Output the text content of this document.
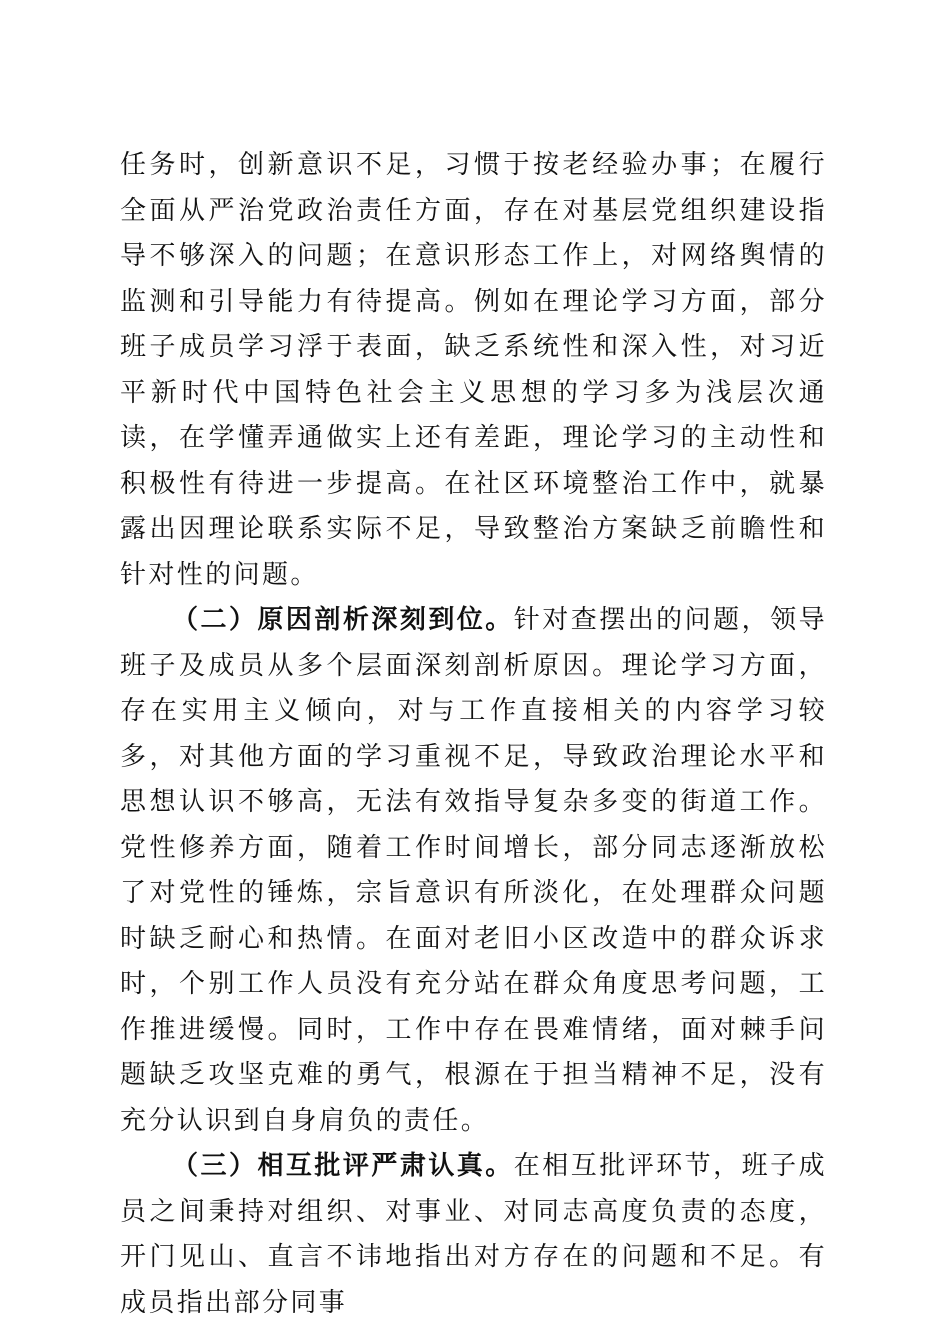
任务时，创新意识不足，习惯于按老经验办事；在履行全面从严治党政治责任方面，存在对基层党组织建设指导不够深入的问题；在意识形态工作上，对网络舆情的监测和引导能力有待提高。例如在理论学习方面，部分班子成员学习浮于表面，缺乏系统性和深入性，对习近平新时代中国特色社会主义思想的学习多为浅层次通读，在学懂弄通做实上还有差距，理论学习的主动性和积极性有待进一步提高。在社区环境整治工作中，就暴露出因理论联系实际不足，导致整治方案缺乏前瞻性和针对性的问题。

（二）原因剖析深刻到位。针对查摆出的问题，领导班子及成员从多个层面深刻剖析原因。理论学习方面，存在实用主义倾向，对与工作直接相关的内容学习较多，对其他方面的学习重视不足，导致政治理论水平和思想认识不够高，无法有效指导复杂多变的街道工作。党性修养方面，随着工作时间增长，部分同志逐渐放松了对党性的锤炼，宗旨意识有所淡化，在处理群众问题时缺乏耐心和热情。在面对老旧小区改造中的群众诉求时，个别工作人员没有充分站在群众角度思考问题，工作推进缓慢。同时，工作中存在畏难情绪，面对棘手问题缺乏攻坚克难的勇气，根源在于担当精神不足，没有充分认识到自身肩负的责任。

（三）相互批评严肃认真。在相互批评环节，班子成员之间秉持对组织、对事业、对同志高度负责的态度，开门见山、直言不讳地指出对方存在的问题和不足。有成员指出部分同事
